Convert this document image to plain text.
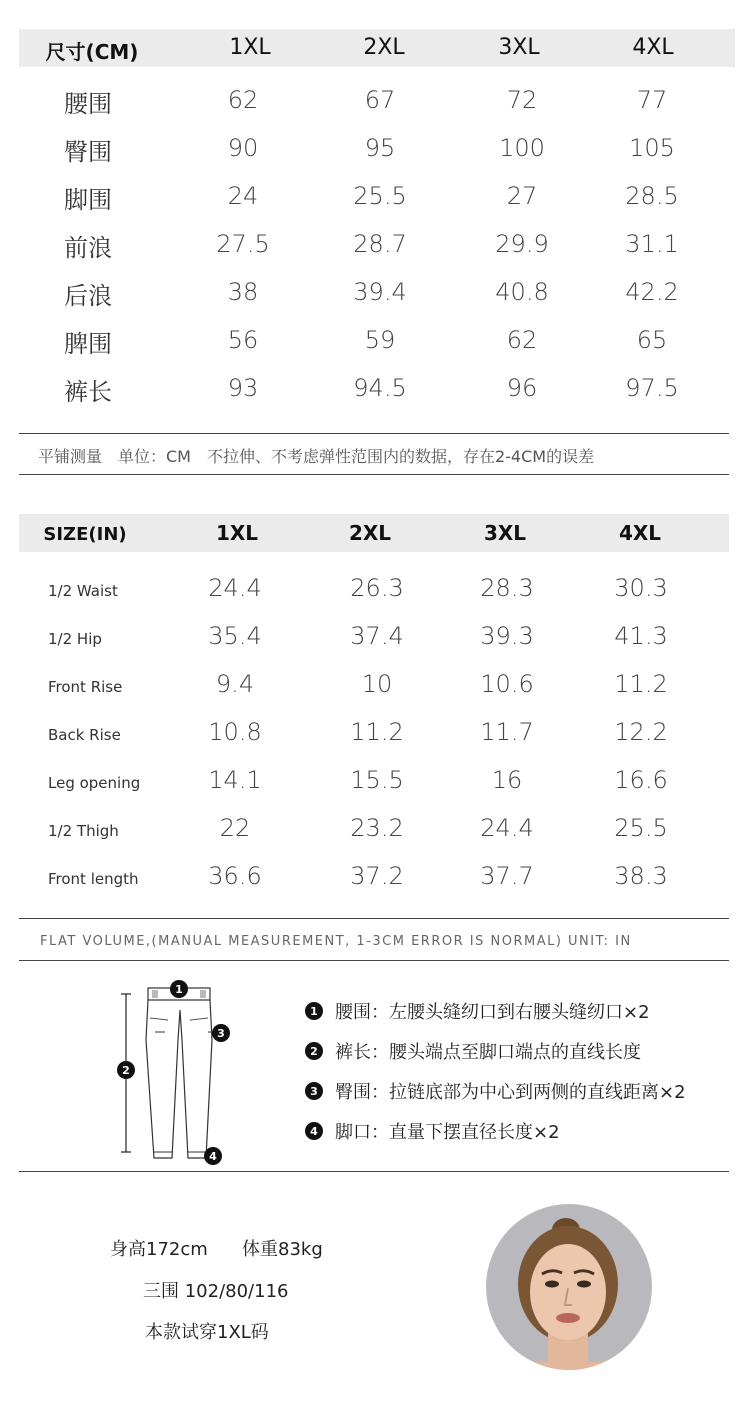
尺寸(CM)	1XL	2XL	3XL	4XL
腰围	62	67	72	77
臀围	90	95	100	105
脚围	24	25.5	27	28.5
前浪	27.5	28.7	29.9	31.1
后浪	38	39.4	40.8	42.2
脾围	56	59	62	65
裤长	93	94.5	96	97.5
平铺测量　单位：CM　不拉伸、不考虑弹性范围内的数据，存在2-4CM的误差
SIZE(IN)	1XL	2XL	3XL	4XL
1/2 Waist	24.4	26.3	28.3	30.3
1/2 Hip	35.4	37.4	39.3	41.3
Front Rise	9.4	10	10.6	11.2
Back Rise	10.8	11.2	11.7	12.2
Leg opening	14.1	15.5	16	16.6
1/2 Thigh	22	23.2	24.4	25.5
Front length	36.6	37.2	37.7	38.3
FLAT VOLUME,(MANUAL MEASUREMENT, 1-3CM ERROR IS NORMAL) UNIT: IN
1
2
3
4
1 腰围：左腰头缝纫口到右腰头缝纫口×2
2 裤长：腰头端点至脚口端点的直线长度
3 臀围：拉链底部为中心到两侧的直线距离×2
4 脚口：直量下摆直径长度×2
身高172cm 体重83kg
三围 102/80/116
本款试穿1XL码
